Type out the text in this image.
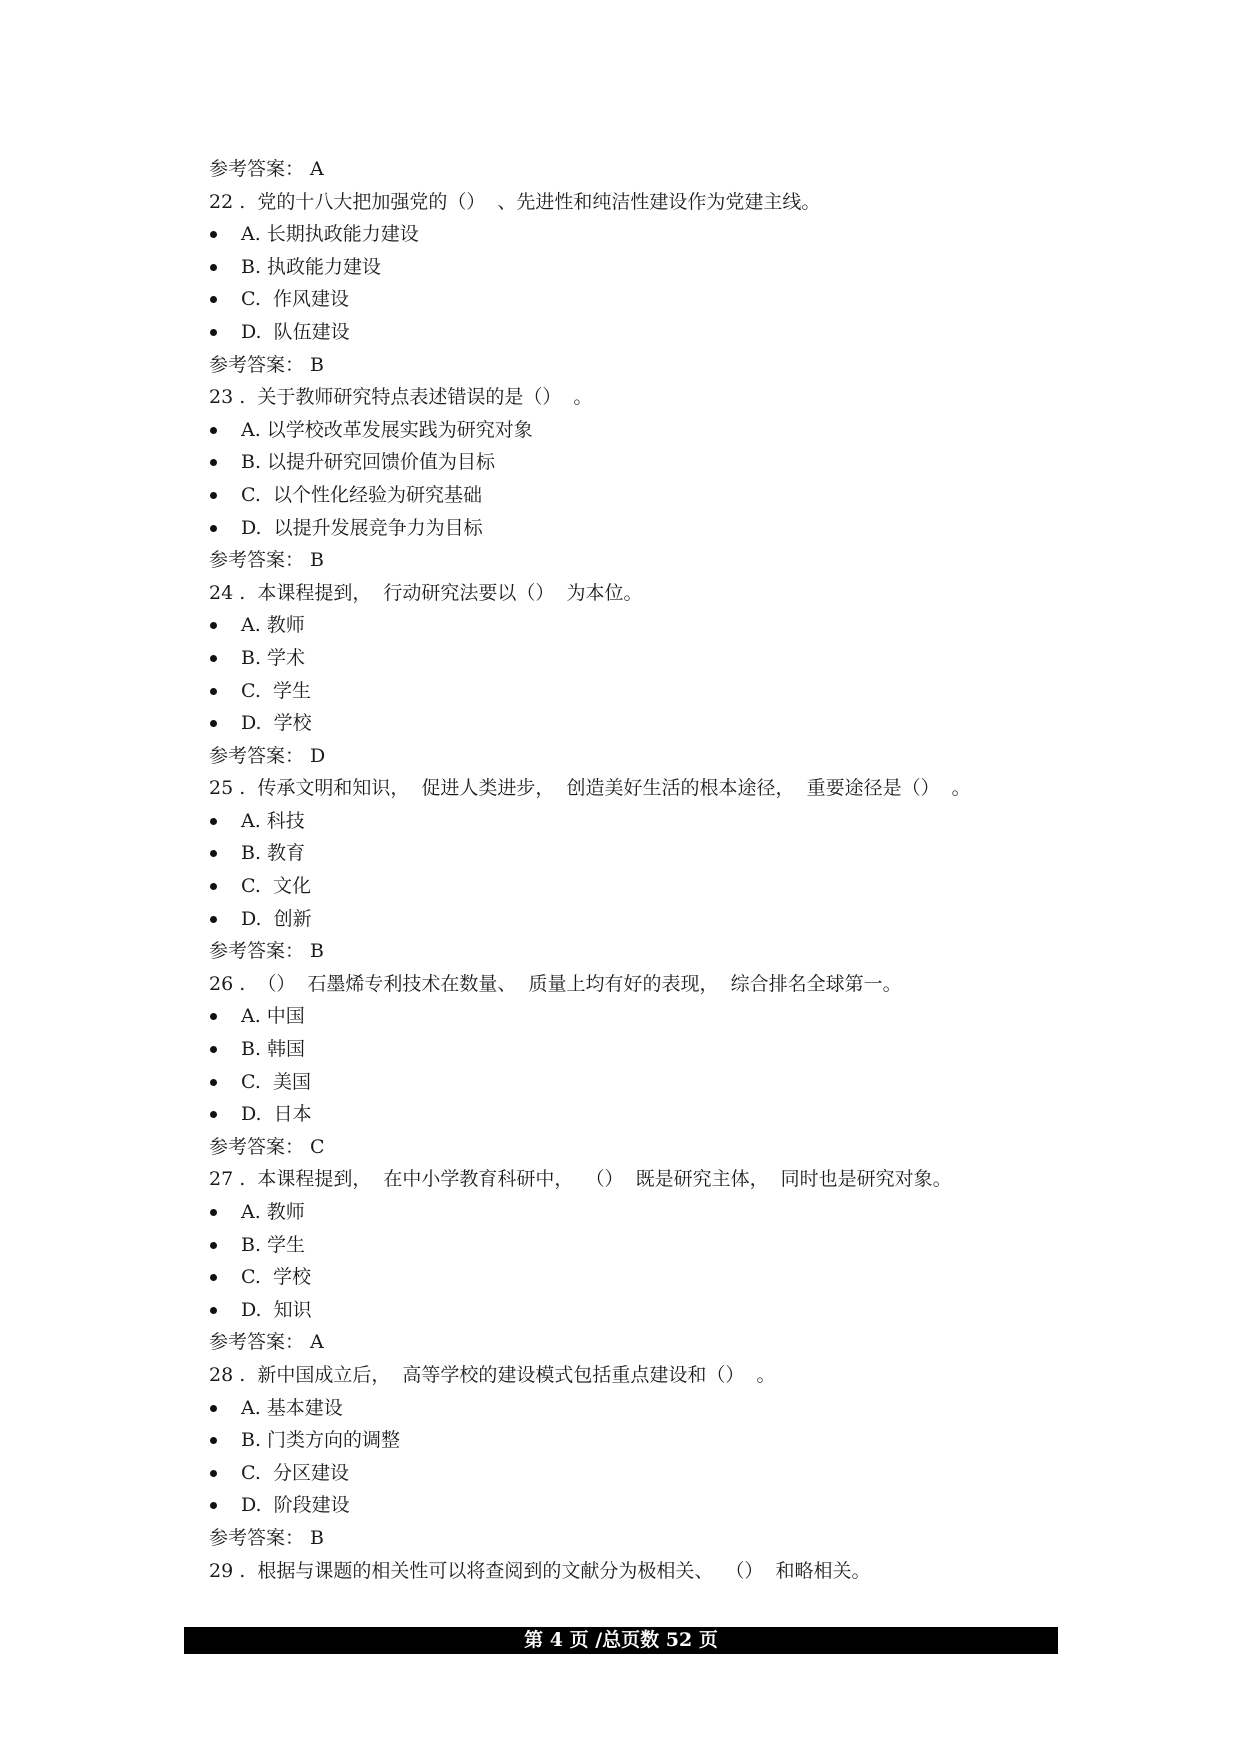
参考答案： A
22 .  党的十八大把加强党的（）  、先进性和纯洁性建设作为党建主线。
A. 长期执政能力建设
B. 执政能力建设
C.  作风建设
D.  队伍建设
参考答案： B
23 .  关于教师研究特点表述错误的是（）  。
A. 以学校改革发展实践为研究对象
B. 以提升研究回馈价值为目标
C.  以个性化经验为研究基础
D.  以提升发展竞争力为目标
参考答案： B
24 .  本课程提到，  行动研究法要以（）  为本位。
A. 教师
B. 学术
C.  学生
D.  学校
参考答案： D
25 .  传承文明和知识，  促进人类进步，  创造美好生活的根本途径，  重要途径是（）  。
A. 科技
B. 教育
C.  文化
D.  创新
参考答案： B
26 .  （）  石墨烯专利技术在数量、  质量上均有好的表现，  综合排名全球第一。
A. 中国
B. 韩国
C.  美国
D.  日本
参考答案： C
27 .  本课程提到，  在中小学教育科研中，  （）  既是研究主体，  同时也是研究对象。
A. 教师
B. 学生
C.  学校
D.  知识
参考答案： A
28 .  新中国成立后，  高等学校的建设模式包括重点建设和（）  。
A. 基本建设
B. 门类方向的调整
C.  分区建设
D.  阶段建设
参考答案： B
29 .  根据与课题的相关性可以将查阅到的文献分为极相关、  （）  和略相关。
第 4 页 /总页数 52 页
